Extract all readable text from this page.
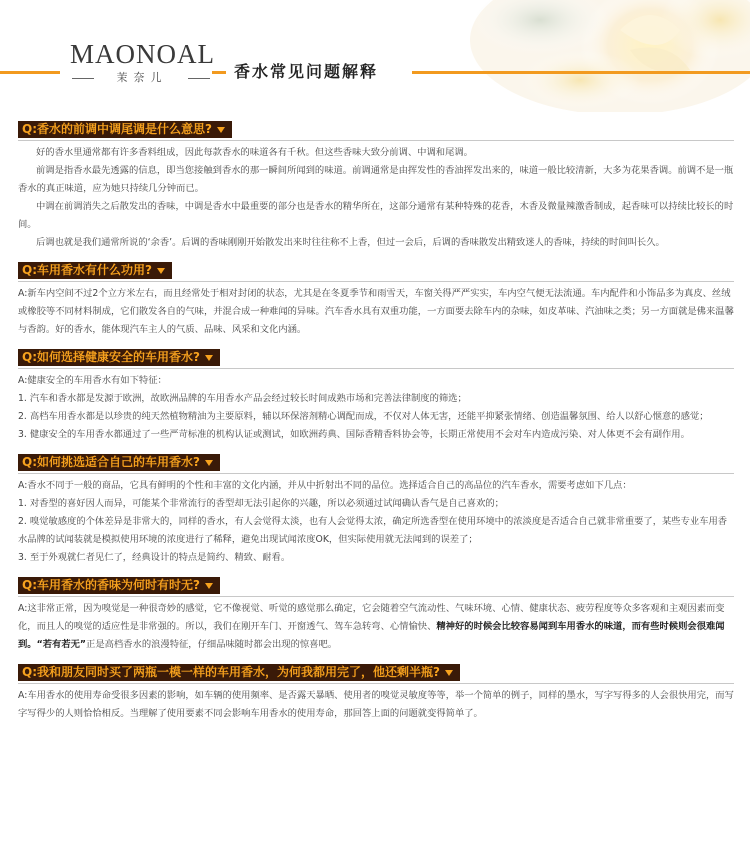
MAONOAL
茉奈儿	香水常见问题解释
Q:香水的前调中调尾调是什么意思?

好的香水里通常都有许多香料组成，因此每款香水的味道各有千秋。但这些香味大致分前调、中调和尾调。

前调是指香水最先透露的信息，即当您接触到香水的那一瞬间所闻到的味道。前调通常是由挥发性的香油挥发出来的，味道一般比较清新，大多为花果香调。前调不是一瓶香水的真正味道，应为她只持续几分钟而已。

中调在前调消失之后散发出的香味，中调是香水中最重要的部分也是香水的精华所在，这部分通常有某种特殊的花香，木香及微量辣激香制成，起香味可以持续比较长的时间。

后调也就是我们通常所说的‘余香’。后调的香味刚刚开始散发出来时往往称不上香，但过一会后，后调的香味散发出精致迷人的香味，持续的时间叫长久。

Q:车用香水有什么功用?

A:新车内空间不过2个立方米左右，而且经常处于相对封闭的状态，尤其是在冬夏季节和雨雪天，车窗关得严严实实，车内空气便无法流通。车内配件和小饰品多为真皮、丝绒或橡胶等不同材料制成，它们散发各自的气味，并混合成一种难闻的异味。汽车香水具有双重功能，一方面要去除车内的杂味，如皮革味、汽油味之类；另一方面就是佛来温馨与香韵。好的香水，能体现汽车主人的气质、品味、风采和文化内涵。

Q:如何选择健康安全的车用香水?

A:健康安全的车用香水有如下特征：

1. 汽车和香水都是发源于欧洲，故欧洲品牌的车用香水产品会经过较长时间成熟市场和完善法律制度的筛选；

2. 高档车用香水都是以珍贵的纯天然植物精油为主要原料，辅以环保溶剂精心调配而成，不仅对人体无害，还能平抑紧张情绪、创造温馨氛围、给人以舒心惬意的感觉；

3. 健康安全的车用香水都通过了一些严苛标准的机构认证或测试，如欧洲药典、国际香精香料协会等，长期正常使用不会对车内造成污染、对人体更不会有副作用。

Q:如何挑选适合自己的车用香水?

A:香水不同于一般的商品，它具有鲜明的个性和丰富的文化内涵，并从中折射出不同的品位。选择适合自己的高品位的汽车香水，需要考虑如下几点：

1. 对香型的喜好因人而异，可能某个非常流行的香型却无法引起你的兴趣，所以必须通过试闻确认香气是自己喜欢的；

2. 嗅觉敏感度的个体差异是非常大的，同样的香水，有人会觉得太淡，也有人会觉得太浓，确定所选香型在使用环境中的浓淡度是否适合自己就非常重要了，某些专业车用香水品牌的试闻装就是模拟使用环境的浓度进行了稀释，避免出现试闻浓度OK，但实际使用就无法闻到的误差了；

3. 至于外观就仁者见仁了，经典设计的特点是简约、精致、耐看。

Q:车用香水的香味为何时有时无?

A:这非常正常，因为嗅觉是一种很奇妙的感觉，它不像视觉、听觉的感觉那么确定，它会随着空气流动性、气味环境、心情、健康状态、疲劳程度等众多客观和主观因素而变化，而且人的嗅觉的适应性是非常强的。所以，我们在刚开车门、开窗透气、驾车急转弯、心情愉快、精神好的时候会比较容易闻到车用香水的味道，而有些时候则会很难闻到。“若有若无”正是高档香水的浪漫特征，仔细品味随时都会出现的惊喜吧。

Q:我和朋友同时买了两瓶一模一样的车用香水，为何我都用完了，他还剩半瓶?

A:车用香水的使用寿命受很多因素的影响，如车辆的使用频率、是否露天暴晒、使用者的嗅觉灵敏度等等，举一个简单的例子，同样的墨水，写字写得多的人会很快用完，而写字写得少的人则恰恰相反。当理解了使用要素不同会影响车用香水的使用寿命，那回答上面的问题就变得简单了。
